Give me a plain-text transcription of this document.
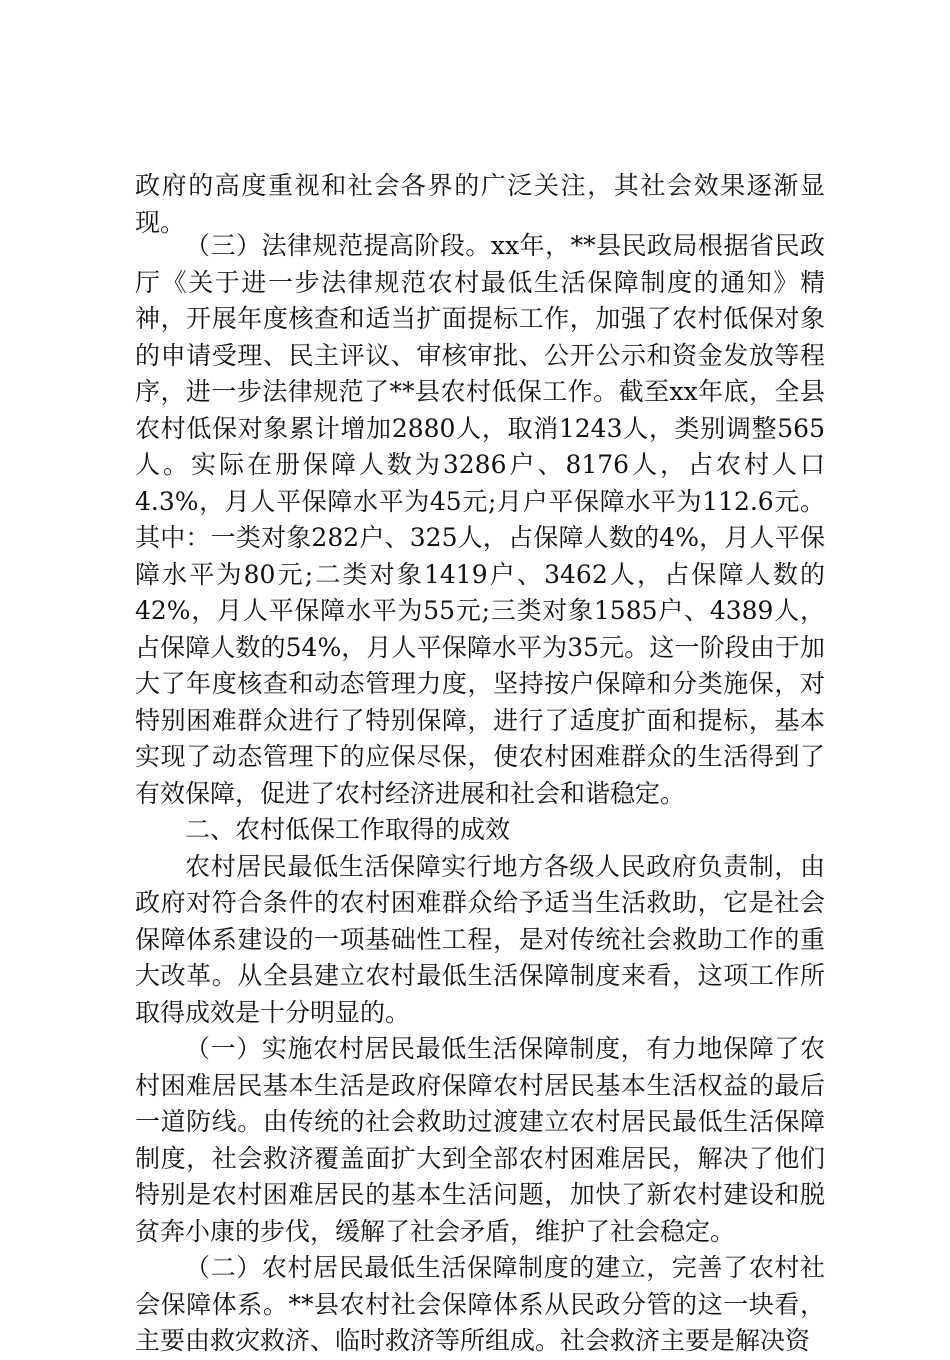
政府的高度重视和社会各界的广泛关注，其社会效果逐渐显现。

（三）法律规范提高阶段。xx年，**县民政局根据省民政厅《关于进一步法律规范农村最低生活保障制度的通知》精神，开展年度核查和适当扩面提标工作，加强了农村低保对象的申请受理、民主评议、审核审批、公开公示和资金发放等程序，进一步法律规范了**县农村低保工作。截至xx年底，全县农村低保对象累计增加2880人，取消1243人，类别调整565人。实际在册保障人数为3286户、8176人，占农村人口4.3%，月人平保障水平为45元;月户平保障水平为112.6元。其中：一类对象282户、325人，占保障人数的4%，月人平保障水平为80元;二类对象1419户、3462人，占保障人数的42%，月人平保障水平为55元;三类对象1585户、4389人，占保障人数的54%，月人平保障水平为35元。这一阶段由于加大了年度核查和动态管理力度，坚持按户保障和分类施保，对特别困难群众进行了特别保障，进行了适度扩面和提标，基本实现了动态管理下的应保尽保，使农村困难群众的生活得到了有效保障，促进了农村经济进展和社会和谐稳定。

二、农村低保工作取得的成效

农村居民最低生活保障实行地方各级人民政府负责制，由政府对符合条件的农村困难群众给予适当生活救助，它是社会保障体系建设的一项基础性工程，是对传统社会救助工作的重大改革。从全县建立农村最低生活保障制度来看，这项工作所取得成效是十分明显的。

（一）实施农村居民最低生活保障制度，有力地保障了农村困难居民基本生活是政府保障农村居民基本生活权益的最后一道防线。由传统的社会救助过渡建立农村居民最低生活保障制度，社会救济覆盖面扩大到全部农村困难居民，解决了他们特别是农村困难居民的基本生活问题，加快了新农村建设和脱贫奔小康的步伐，缓解了社会矛盾，维护了社会稳定。

（二）农村居民最低生活保障制度的建立，完善了农村社会保障体系。**县农村社会保障体系从民政分管的这一块看，主要由救灾救济、临时救济等所组成。社会救济主要是解决资
